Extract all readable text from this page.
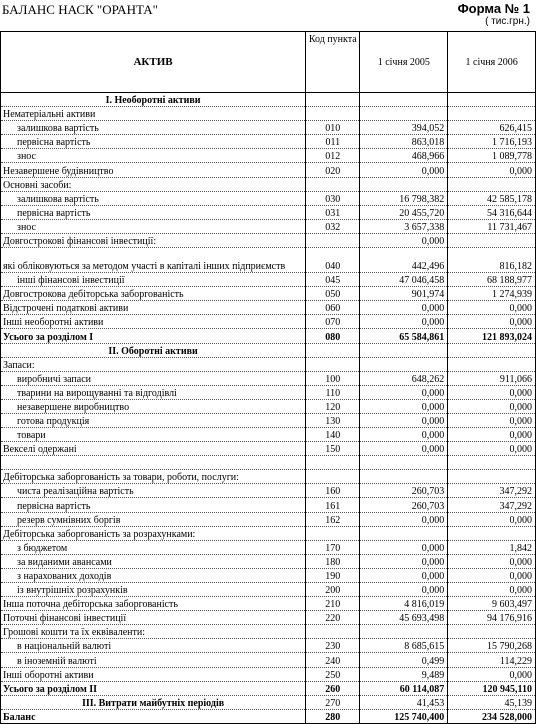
БАЛАНС НАСК "ОРАНТА"	Форма № 1
( тис.грн.)
АКТИВ	Код пункта	1 січня 2005	1 січня 2006
I. Необоротні активи			
Нематеріальні активи			
залишкова вартість	010	394,052	626,415
первісна вартість	011	863,018	1 716,193
знос	012	468,966	1 089,778
Незавершене будівництво	020	0,000	0,000
Основні засоби:			
залишкова вартість	030	16 798,382	42 585,178
первісна вартість	031	20 455,720	54 316,644
знос	032	3 657,338	11 731,467
Довгострокові фінансові інвестиції:		0,000	
які обліковуються за методом участі в капіталі інших підприємств	040	442,496	816,182
інші фінансові інвестиції	045	47 046,458	68 188,977
Довгострокова дебіторська заборгованість	050	901,974	1 274,939
Відстрочені податкові активи	060	0,000	0,000
Інші необоротні активи	070	0,000	0,000
Усього за розділом I	080	65 584,861	121 893,024
II. Оборотні активи			
Запаси:			
виробничі запаси	100	648,262	911,066
тварини на вирощуванні та відгодівлі	110	0,000	0,000
незавершене виробництво	120	0,000	0,000
готова продукція	130	0,000	0,000
товари	140	0,000	0,000
Векселі одержані	150	0,000	0,000

Дебіторська заборгованість за товари, роботи, послуги:			
чиста реалізаційна вартість	160	260,703	347,292
первісна вартість	161	260,703	347,292
резерв сумнівних боргів	162	0,000	0,000
Дебіторська заборгованість за розрахунками:			
з бюджетом	170	0,000	1,842
за виданими авансами	180	0,000	0,000
з нарахованих доходів	190	0,000	0,000
із внутрішніх розрахунків	200	0,000	0,000
Інша поточна дебіторська заборгованість	210	4 816,019	9 603,497
Поточні фінансові інвестиції	220	45 693,498	94 176,916
Грошові кошти та їх еквіваленти:			
в національній валюті	230	8 685,615	15 790,268
в іноземній валюті	240	0,499	114,229
Інші оборотні активи	250	9,489	0,000
Усього за розділом II	260	60 114,087	120 945,110
III. Витрати майбутніх періодів	270	41,453	45,139
Баланс	280	125 740,400	234 528,000
